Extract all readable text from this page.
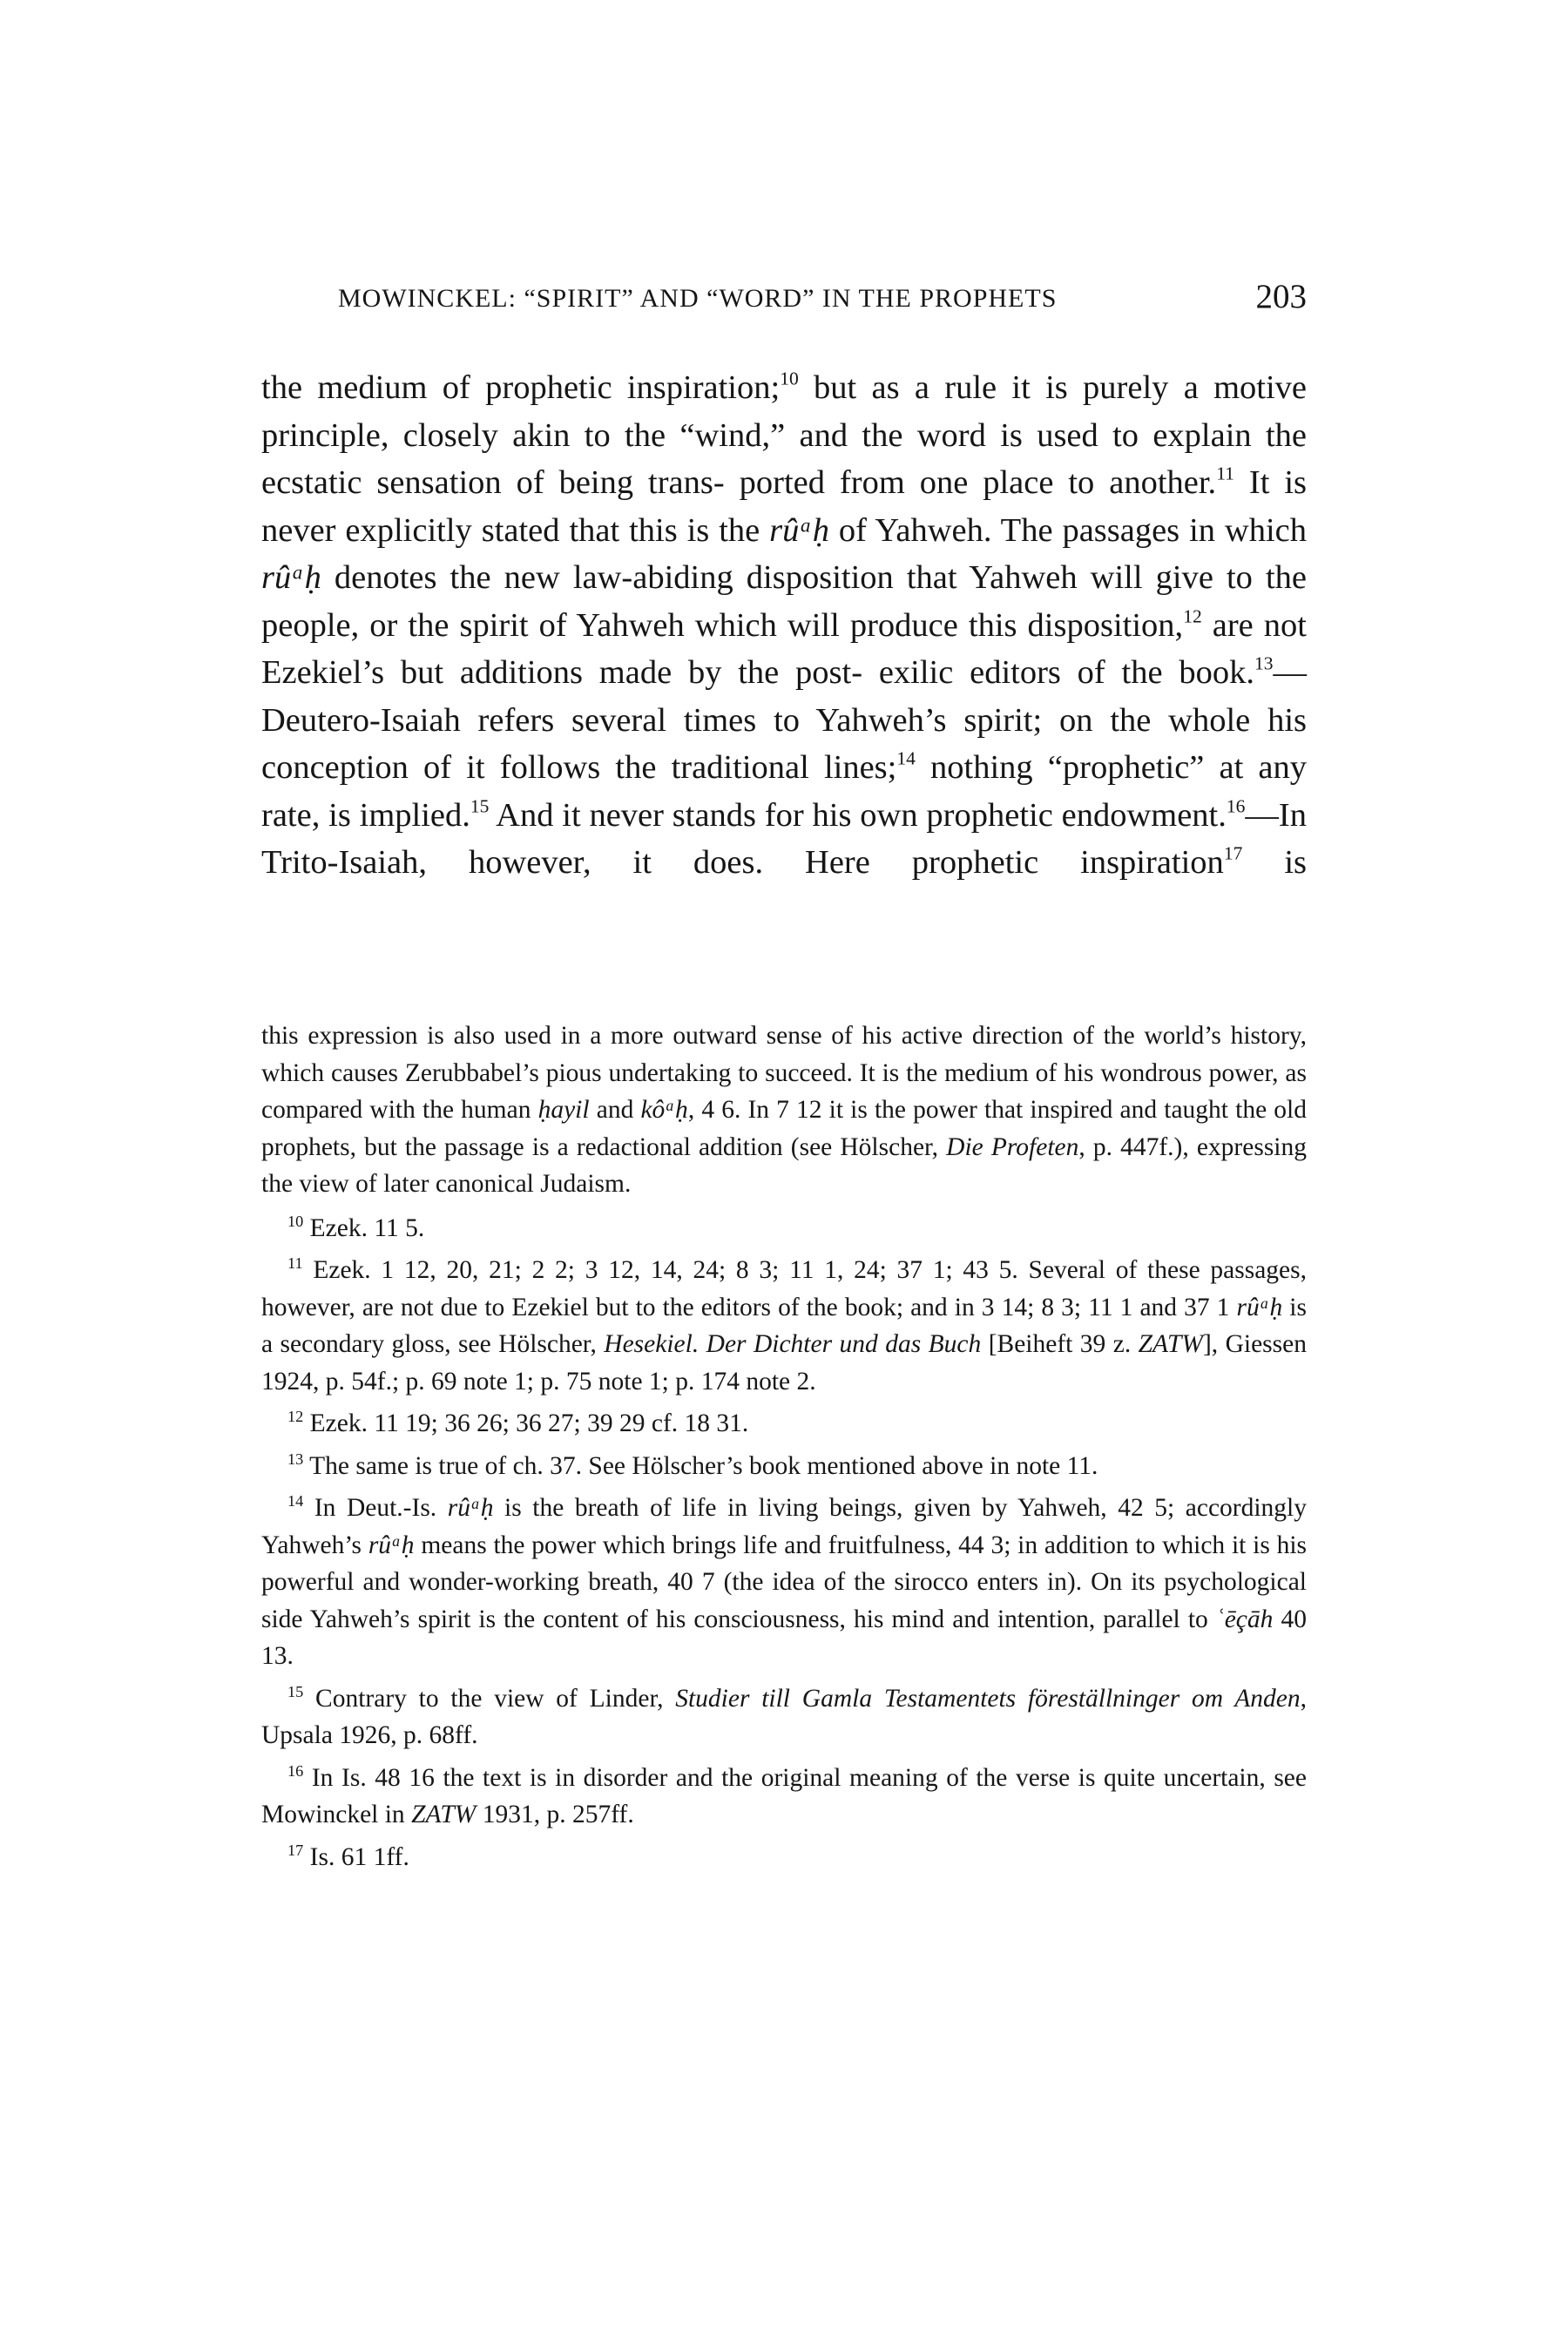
MOWINCKEL: “SPIRIT” AND “WORD” IN THE PROPHETS	203

the medium of prophetic inspiration;$^{10}$ but as a rule it is purely a motive principle, closely akin to the “wind,” and the word is used to explain the ecstatic sensation of being trans- ported from one place to another.$^{11}$ It is never explicitly stated that this is the rûᵃḥ of Yahweh. The passages in which rûᵃḥ denotes the new law-abiding disposition that Yahweh will give to the people, or the spirit of Yahweh which will produce this disposition,$^{12}$ are not Ezekiel’s but additions made by the post- exilic editors of the book.$^{13}$—Deutero-Isaiah refers several times to Yahweh’s spirit; on the whole his conception of it follows the traditional lines;$^{14}$ nothing “prophetic” at any rate, is implied.$^{15}$ And it never stands for his own prophetic endowment.$^{16}$—In Trito-Isaiah, however, it does. Here prophetic inspiration$^{17}$ is

this expression is also used in a more outward sense of his active direction of the world’s history, which causes Zerubbabel’s pious undertaking to succeed. It is the medium of his wondrous power, as compared with the human ḥayil and kôᵃḥ, 4 6. In 7 12 it is the power that inspired and taught the old prophets, but the passage is a redactional addition (see Hölscher, Die Profeten, p. 447f.), expressing the view of later canonical Judaism.

$^{10}$ Ezek. 11 5.

$^{11}$ Ezek. 1 12, 20, 21; 2 2; 3 12, 14, 24; 8 3; 11 1, 24; 37 1; 43 5. Several of these passages, however, are not due to Ezekiel but to the editors of the book; and in 3 14; 8 3; 11 1 and 37 1 rûᵃḥ is a secondary gloss, see Hölscher, Hesekiel. Der Dichter und das Buch [Beiheft 39 z. ZATW], Giessen 1924, p. 54f.; p. 69 note 1; p. 75 note 1; p. 174 note 2.

$^{12}$ Ezek. 11 19; 36 26; 36 27; 39 29 cf. 18 31.

$^{13}$ The same is true of ch. 37. See Hölscher’s book mentioned above in note 11.

$^{14}$ In Deut.-Is. rûᵃḥ is the breath of life in living beings, given by Yahweh, 42 5; accordingly Yahweh’s rûᵃḥ means the power which brings life and fruitfulness, 44 3; in addition to which it is his powerful and wonder-working breath, 40 7 (the idea of the sirocco enters in). On its psychological side Yahweh’s spirit is the content of his consciousness, his mind and intention, parallel to ʿēçāh 40 13.

$^{15}$ Contrary to the view of Linder, Studier till Gamla Testamentets föreställninger om Anden, Upsala 1926, p. 68ff.

$^{16}$ In Is. 48 16 the text is in disorder and the original meaning of the verse is quite uncertain, see Mowinckel in ZATW 1931, p. 257ff.

$^{17}$ Is. 61 1ff.
